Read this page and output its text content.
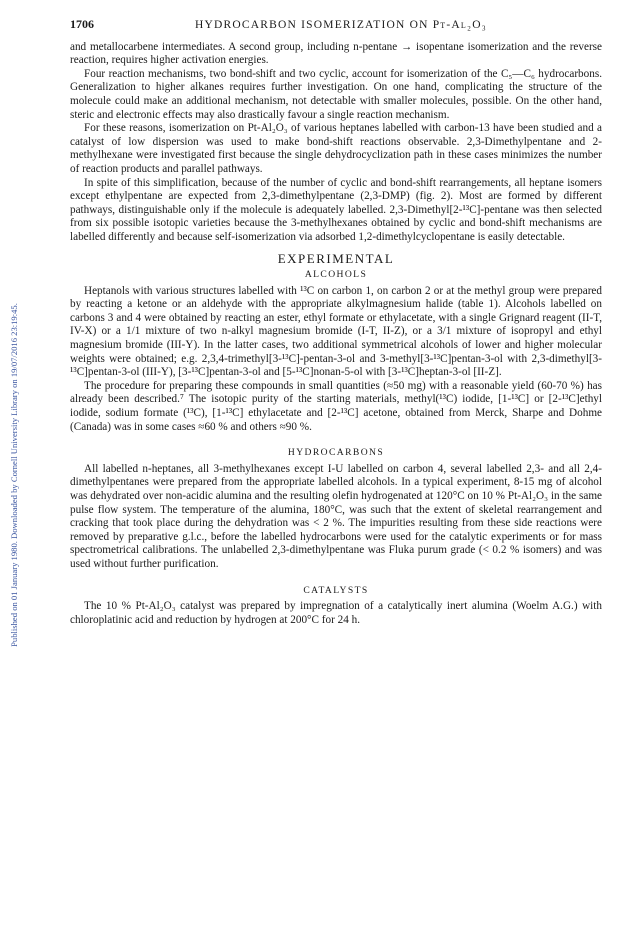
Published on 01 January 1980. Downloaded by Cornell University Library on 19/07/2016 23:19:45.
1706	HYDROCARBON ISOMERIZATION ON Pt-Al₂O₃

and metallocarbene intermediates. A second group, including n-pentane → isopentane isomerization and the reverse reaction, requires higher activation energies.

Four reaction mechanisms, two bond-shift and two cyclic, account for isomerization of the C₅—C₆ hydrocarbons. Generalization to higher alkanes requires further investigation. On one hand, complicating the structure of the molecule could make an additional mechanism, not detectable with smaller molecules, possible. On the other hand, steric and electronic effects may also drastically favour a single reaction mechanism.

For these reasons, isomerization on Pt-Al₂O₃ of various heptanes labelled with carbon-13 have been studied and a catalyst of low dispersion was used to make bond-shift reactions observable. 2,3-Dimethylpentane and 2-methylhexane were investigated first because the single dehydrocyclization path in these cases minimizes the number of reaction products and parallel pathways.

In spite of this simplification, because of the number of cyclic and bond-shift rearrangements, all heptane isomers except ethylpentane are expected from 2,3-dimethylpentane (2,3-DMP) (fig. 2). Most are formed by different pathways, distinguishable only if the molecule is adequately labelled. 2,3-Dimethyl[2-¹³C]-pentane was then selected from six possible isotopic varieties because the 3-methylhexanes obtained by cyclic and bond-shift mechanisms are labelled differently and because self-isomerization via adsorbed 1,2-dimethylcyclopentane is easily detectable.

EXPERIMENTAL
ALCOHOLS

Heptanols with various structures labelled with ¹³C on carbon 1, on carbon 2 or at the methyl group were prepared by reacting a ketone or an aldehyde with the appropriate alkylmagnesium halide (table 1). Alcohols labelled on carbons 3 and 4 were obtained by reacting an ester, ethyl formate or ethylacetate, with a single Grignard reagent (II-T, IV-X) or a 1/1 mixture of two n-alkyl magnesium bromide (I-T, II-Z), or a 3/1 mixture of isopropyl and ethyl magnesium bromide (III-Y). In the latter cases, two additional symmetrical alcohols of lower and higher molecular weights were obtained; e.g. 2,3,4-trimethyl[3-¹³C]-pentan-3-ol and 3-methyl[3-¹³C]pentan-3-ol with 2,3-dimethyl[3-¹³C]pentan-3-ol (III-Y), [3-¹³C]pentan-3-ol and [5-¹³C]nonan-5-ol with [3-¹³C]heptan-3-ol [II-Z].

The procedure for preparing these compounds in small quantities (≈50 mg) with a reasonable yield (60-70 %) has already been described.⁷ The isotopic purity of the starting materials, methyl(¹³C) iodide, [1-¹³C] or [2-¹³C]ethyl iodide, sodium formate (¹³C), [1-¹³C] ethylacetate and [2-¹³C] acetone, obtained from Merck, Sharpe and Dohme (Canada) was in some cases ≈60 % and others ≈90 %.

HYDROCARBONS

All labelled n-heptanes, all 3-methylhexanes except I-U labelled on carbon 4, several labelled 2,3- and all 2,4-dimethylpentanes were prepared from the appropriate labelled alcohols. In a typical experiment, 8-15 mg of alcohol was dehydrated over non-acidic alumina and the resulting olefin hydrogenated at 120°C on 10 % Pt-Al₂O₃ in the same pulse flow system. The temperature of the alumina, 180°C, was such that the extent of skeletal rearrangement and cracking that took place during the dehydration was < 2 %. The impurities resulting from these side reactions were removed by preparative g.l.c., before the labelled hydrocarbons were used for the catalytic experiments or for mass spectrometrical calibrations. The unlabelled 2,3-dimethylpentane was Fluka purum grade (< 0.2 % isomers) and was used without further purification.

CATALYSTS

The 10 % Pt-Al₂O₃ catalyst was prepared by impregnation of a catalytically inert alumina (Woelm A.G.) with chloroplatinic acid and reduction by hydrogen at 200°C for 24 h.
